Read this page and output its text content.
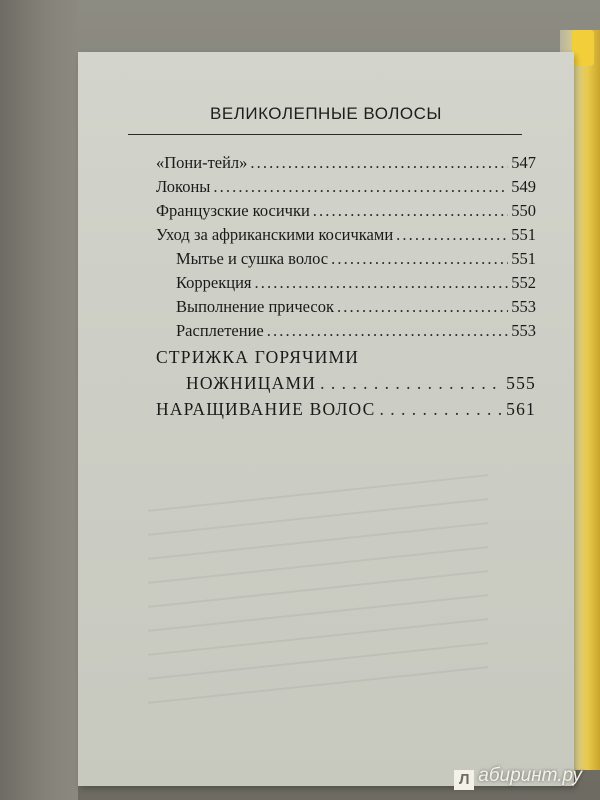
ВЕЛИКОЛЕПНЫЕ ВОЛОСЫ
«Пони-тейл» . . .	547
Локоны . . .	549
Французские косички . . .	550
Уход за африканскими косичками . . .	551
Мытье и сушка волос . . .	551
Коррекция . . .	552
Выполнение причесок . . .	553
Расплетение . . .	553
СТРИЖКА ГОРЯЧИМИ
НОЖНИЦАМИ . . .	555
НАРАЩИВАНИЕ ВОЛОС . . .	561
Л абиринт.ру
